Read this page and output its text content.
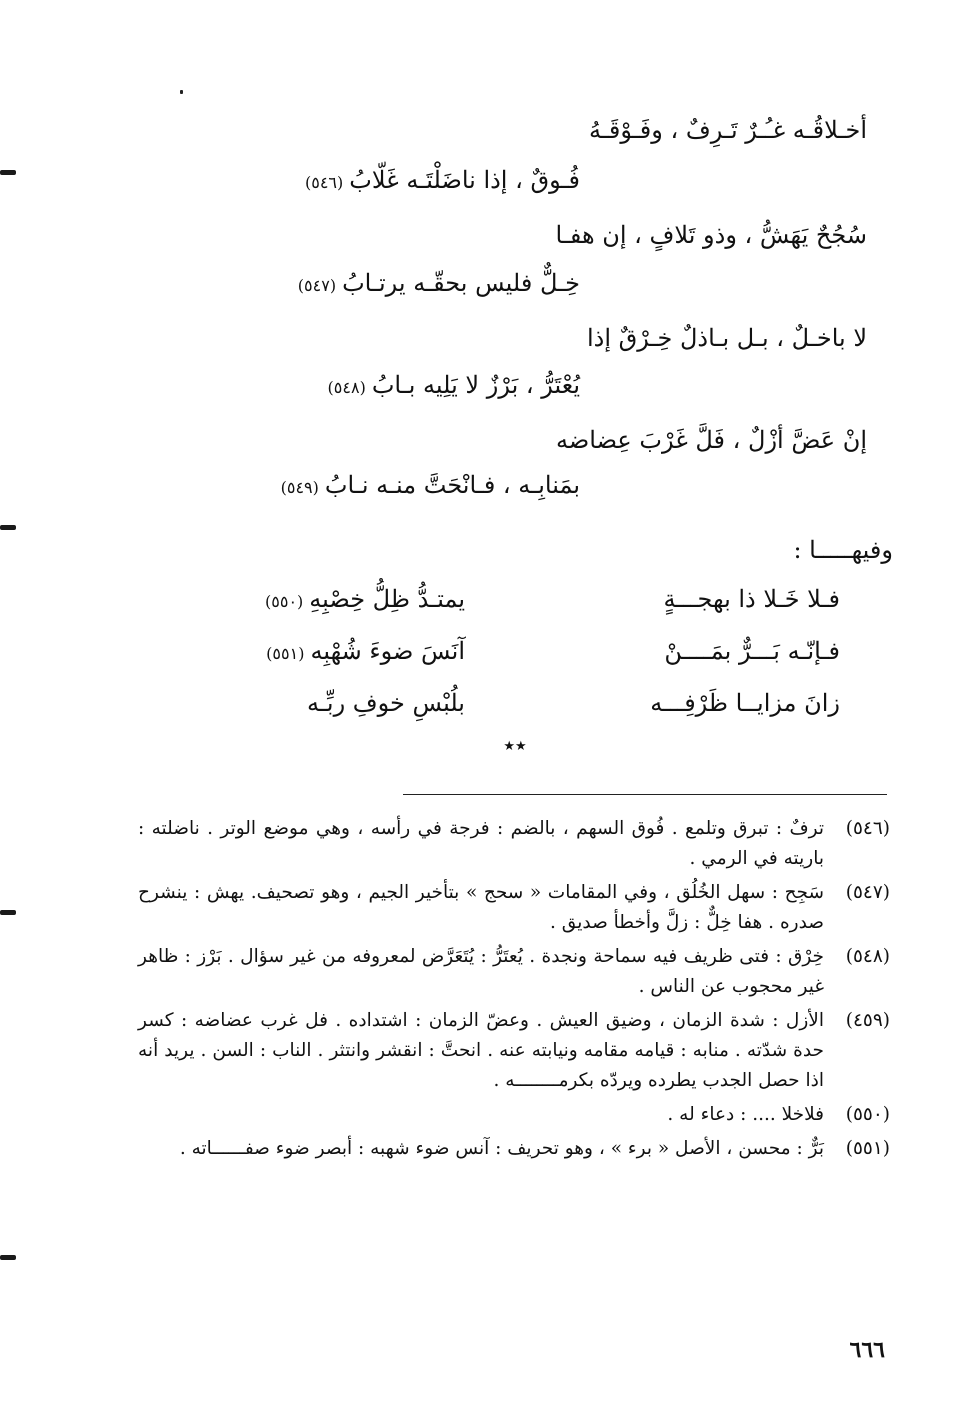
أخـلاقُـه غـُـرٌ تَـرِفٌ ، وفَـوْقَـهُ
فُـوقٌ ، إذا ناضَلْتَـه غَلّابُ(٥٤٦)
سُجُحٌ يَهَشُّ ، وذو تَلافٍ ، إن هفـا
خِـلٌّ فليس بحقّـه يرتـابُ(٥٤٧)
لا باخـلٌ ، بـل بـاذلٌ خِـرْقٌ إذا
يُعْتَرُّ ، بَرْزٌ لا يَلِيه بـابُ(٥٤٨)
إنْ عَضَّ أزْلٌ ، فَلَّ غَرْبَ عِضاضه
بمَنابِـه ، فـانْحَتَّ منـه نـابُ(٥٤٩)
وفيهـــــا :
فـلا خَـلا ذا بهجـــةٍ
يمتـدُّ ظِلُّ خِصْبِهِ(٥٥٠)
فـإنّـه بَـــرٌّ بمَــــنْ
آنَسَ ضوءَ شُهْبِه(٥٥١)
زانَ مزايــا ظَرْفِـــه
بلُبْسِ خوفِ ربِّـه
★★
(٥٤٦)
ترفٌ : تبرق وتلمع . فُوق السهم ، بالضم : فرجة في رأسه ، وهي موضع الوتر . ناضلته : باريته في الرمي .
(٥٤٧)
سَجِح : سهل الخُلُق ، وفي المقامات « سحج » بتأخير الجيم ، وهو تصحيف. يهش : ينشرح صدره . هفا خِلٌّ : زلَّ وأخطأ صديق .
(٥٤٨)
خِرْق : فتى ظريف فيه سماحة ونجدة . يُعتَرُّ : يُتَعَرَّض لمعروفه من غير سؤال . بَرْز : ظاهر غير محجوب عن الناس .
(٤٥٩)
الأزل : شدة الزمان ، وضيق العيش . وعضّ الزمان : اشتداده . فل غرب عضاضه : كسر حدة شدّته . منابه : قيامه مقامه ونيابته عنه . انحتَّ : انقشر وانتثر . الناب : السن . يريد أنه اذا حصل الجدب يطرده ويردّه بكرمــــــــه .
(٥٥٠)
فلاخلا .... : دعاء له .
(٥٥١)
بَرٌّ : محسن ، الأصل « برء » ، وهو تحريف : آنس ضوء شهبه : أبصر ضوء صفــــــاته .
٦٦٦
